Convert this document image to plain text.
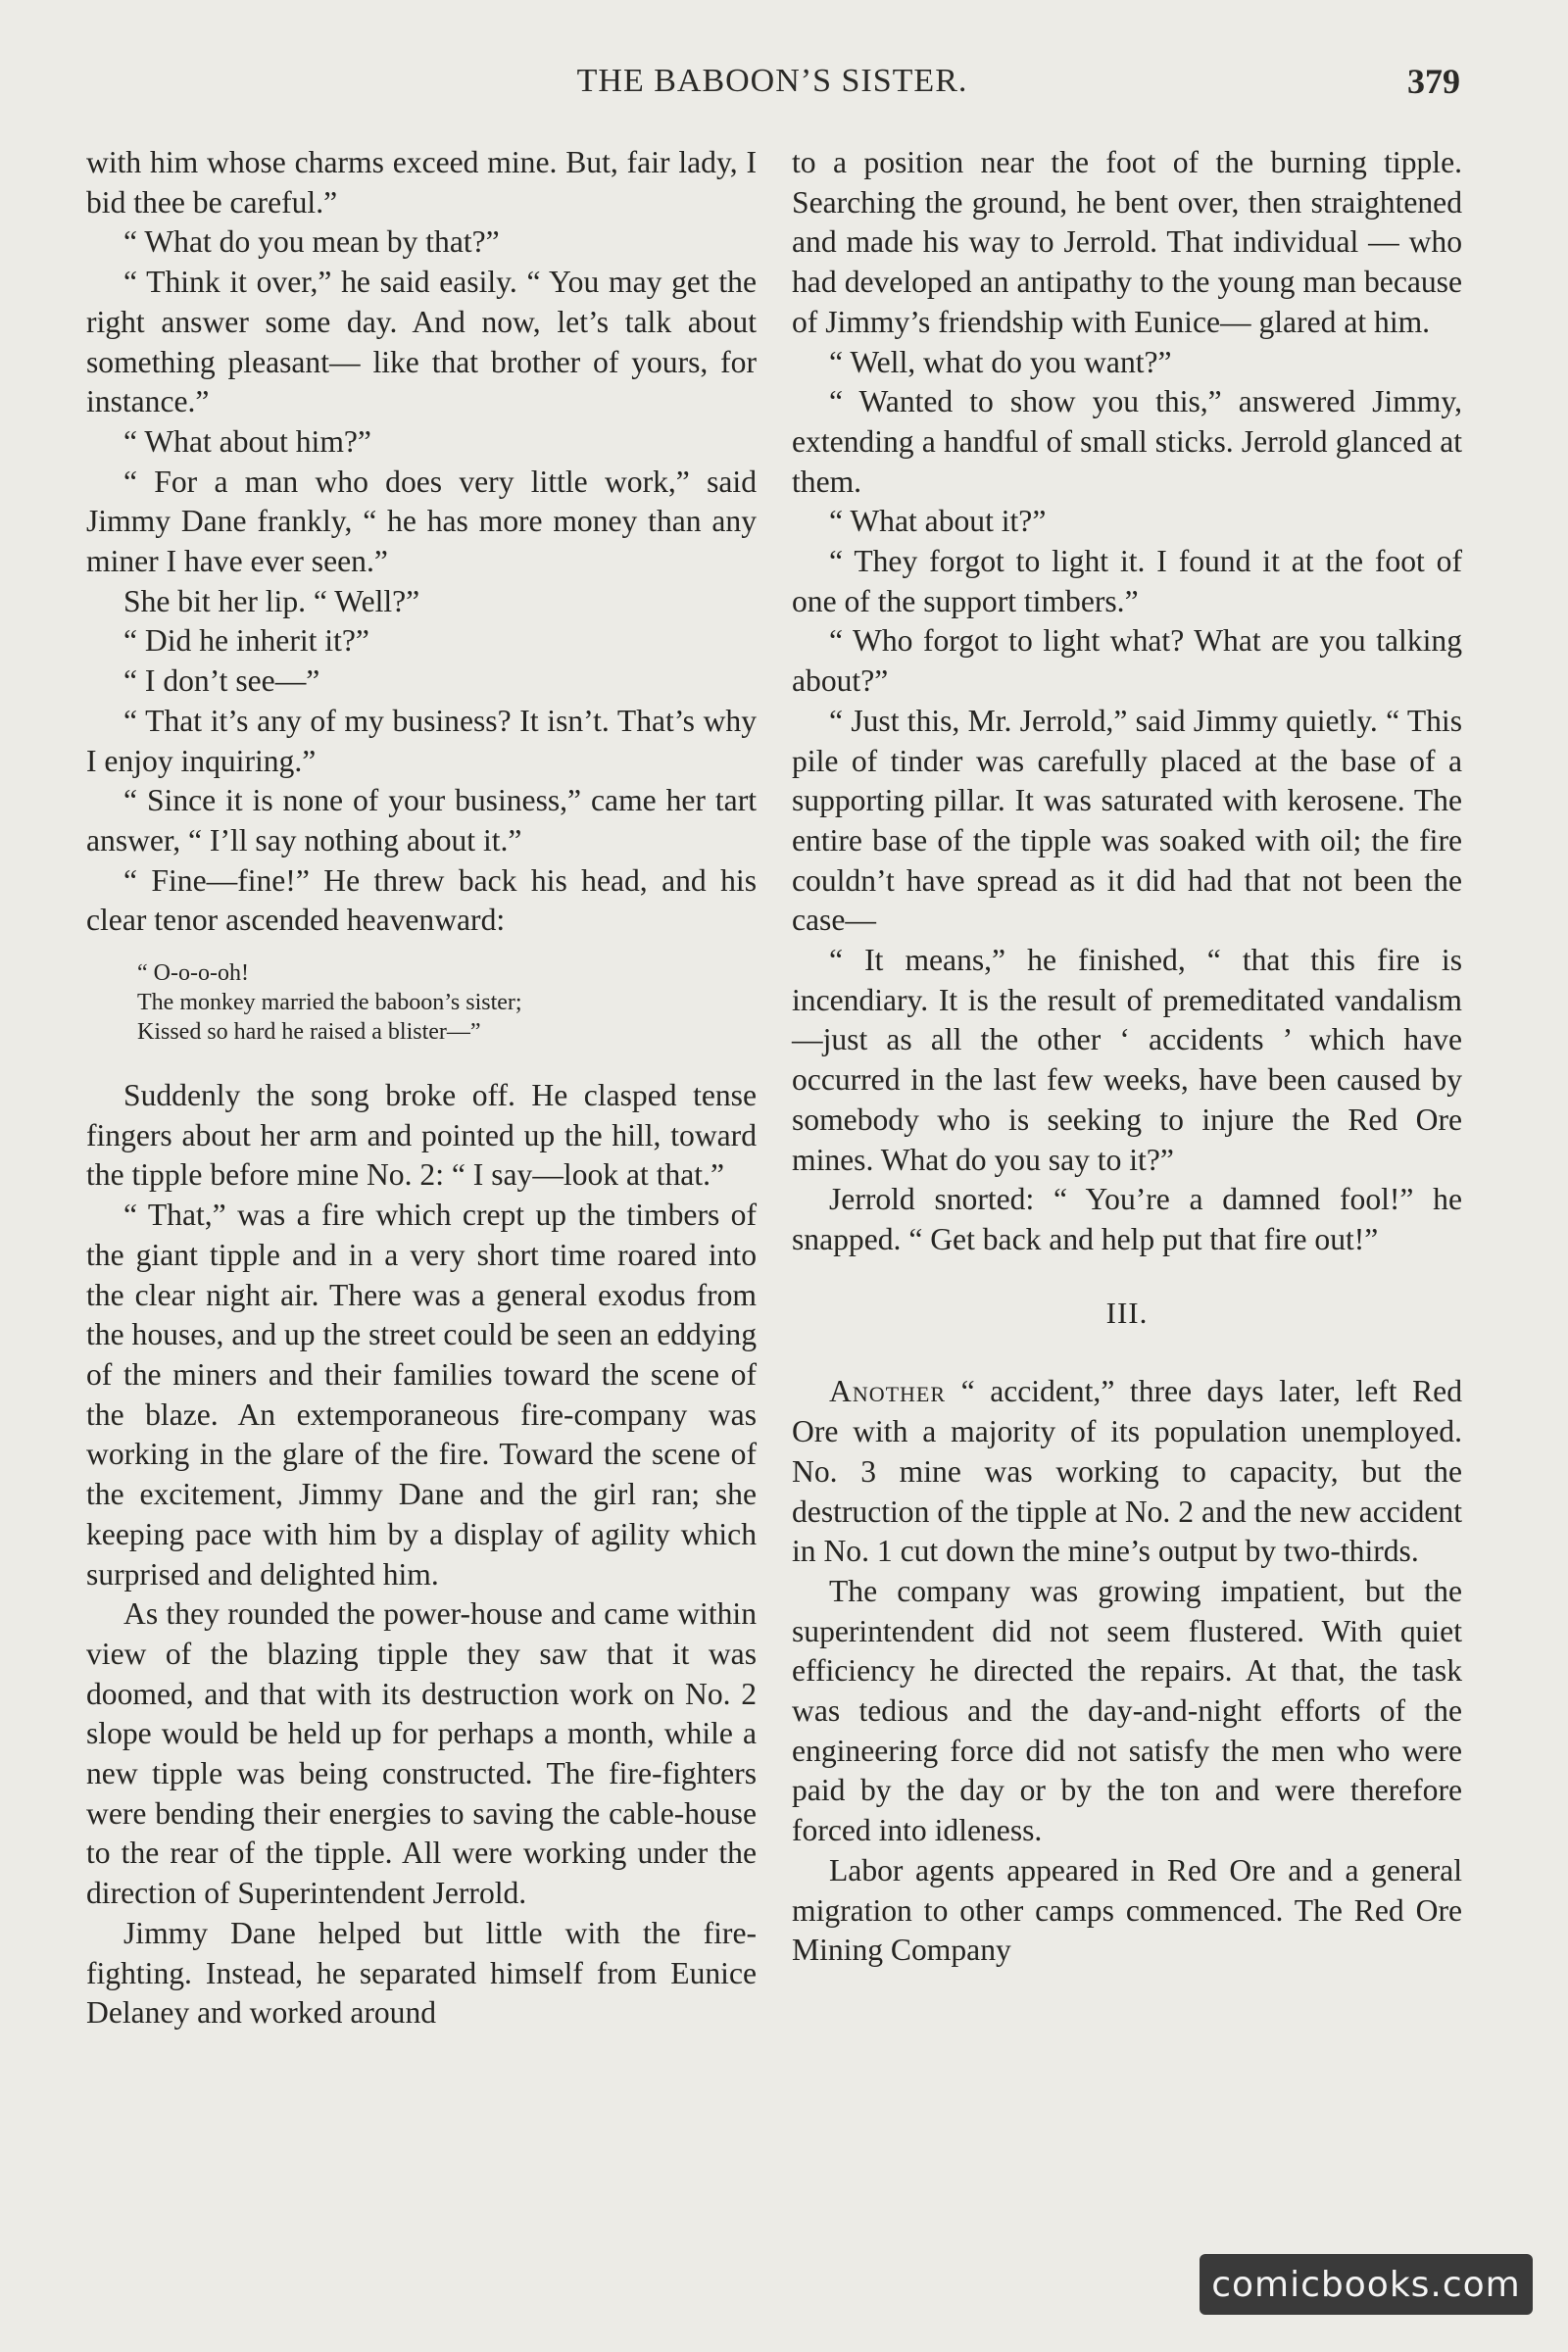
THE BABOON’S SISTER.	379

with him whose charms exceed mine. But, fair lady, I bid thee be careful.”

“ What do you mean by that?”

“ Think it over,” he said easily. “ You may get the right answer some day. And now, let’s talk about something pleasant— like that brother of yours, for instance.”

“ What about him?”

“ For a man who does very little work,” said Jimmy Dane frankly, “ he has more money than any miner I have ever seen.”

She bit her lip. “ Well?”

“ Did he inherit it?”

“ I don’t see—”

“ That it’s any of my business? It isn’t. That’s why I enjoy inquiring.”

“ Since it is none of your business,” came her tart answer, “ I’ll say nothing about it.”

“ Fine—fine!” He threw back his head, and his clear tenor ascended heavenward:

“ O-o-o-oh!
The monkey married the baboon’s sister;
Kissed so hard he raised a blister—”

Suddenly the song broke off. He clasped tense fingers about her arm and pointed up the hill, toward the tipple before mine No. 2: “ I say—look at that.”

“ That,” was a fire which crept up the timbers of the giant tipple and in a very short time roared into the clear night air. There was a general exodus from the houses, and up the street could be seen an eddying of the miners and their families toward the scene of the blaze. An extemporaneous fire-company was working in the glare of the fire. Toward the scene of the excitement, Jimmy Dane and the girl ran; she keeping pace with him by a display of agility which surprised and delighted him.

As they rounded the power-house and came within view of the blazing tipple they saw that it was doomed, and that with its destruction work on No. 2 slope would be held up for perhaps a month, while a new tipple was being constructed. The fire-fighters were bending their energies to saving the cable-house to the rear of the tipple. All were working under the direction of Superintendent Jerrold.

Jimmy Dane helped but little with the fire-fighting. Instead, he separated himself from Eunice Delaney and worked around

to a position near the foot of the burning tipple. Searching the ground, he bent over, then straightened and made his way to Jerrold. That individual — who had developed an antipathy to the young man because of Jimmy’s friendship with Eunice— glared at him.

“ Well, what do you want?”

“ Wanted to show you this,” answered Jimmy, extending a handful of small sticks. Jerrold glanced at them.

“ What about it?”

“ They forgot to light it. I found it at the foot of one of the support timbers.”

“ Who forgot to light what? What are you talking about?”

“ Just this, Mr. Jerrold,” said Jimmy quietly. “ This pile of tinder was carefully placed at the base of a supporting pillar. It was saturated with kerosene. The entire base of the tipple was soaked with oil; the fire couldn’t have spread as it did had that not been the case—

“ It means,” he finished, “ that this fire is incendiary. It is the result of premeditated vandalism—just as all the other ‘ accidents ’ which have occurred in the last few weeks, have been caused by somebody who is seeking to injure the Red Ore mines. What do you say to it?”

Jerrold snorted: “ You’re a damned fool!” he snapped. “ Get back and help put that fire out!”

III.

Another “ accident,” three days later, left Red Ore with a majority of its population unemployed. No. 3 mine was working to capacity, but the destruction of the tipple at No. 2 and the new accident in No. 1 cut down the mine’s output by two-thirds.

The company was growing impatient, but the superintendent did not seem flustered. With quiet efficiency he directed the repairs. At that, the task was tedious and the day-and-night efforts of the engineering force did not satisfy the men who were paid by the day or by the ton and were therefore forced into idleness.

Labor agents appeared in Red Ore and a general migration to other camps commenced. The Red Ore Mining Company

comicbooks.com
